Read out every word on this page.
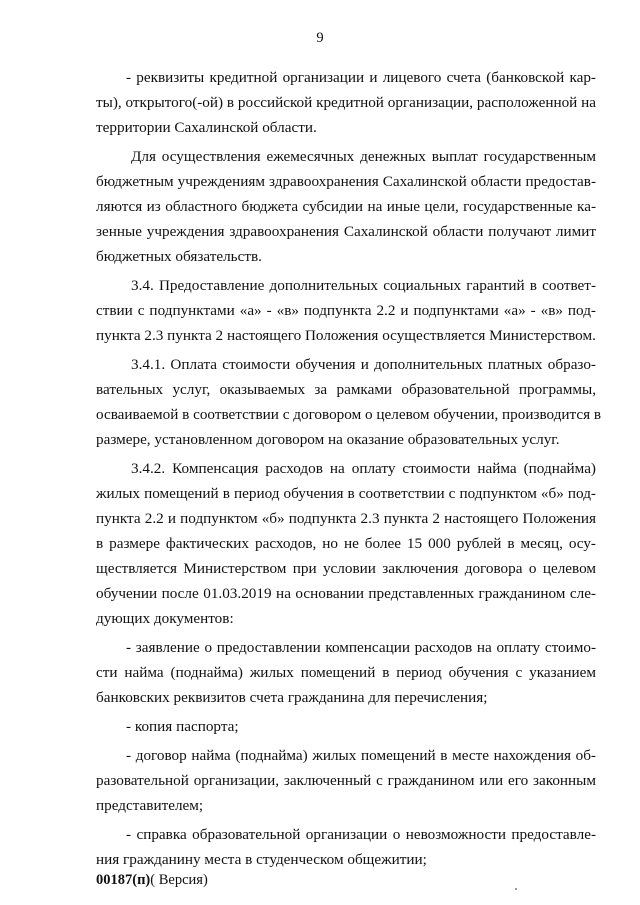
9
- реквизиты кредитной организации и лицевого счета (банковской кар-
ты), открытого(-ой) в российской кредитной организации, расположенной на
территории Сахалинской области.
Для осуществления ежемесячных денежных выплат государственным
бюджетным учреждениям здравоохранения Сахалинской области предостав-
ляются из областного бюджета субсидии на иные цели, государственные ка-
зенные учреждения здравоохранения Сахалинской области получают лимит
бюджетных обязательств.
3.4. Предоставление дополнительных социальных гарантий в соответ-
ствии с подпунктами «а» - «в» подпункта 2.2 и подпунктами «а» - «в» под-
пункта 2.3 пункта 2 настоящего Положения осуществляется Министерством.
3.4.1. Оплата стоимости обучения и дополнительных платных образо-
вательных услуг, оказываемых за рамками образовательной программы,
осваиваемой в соответствии с договором о целевом обучении, производится в
размере, установленном договором на оказание образовательных услуг.
3.4.2. Компенсация расходов на оплату стоимости найма (поднайма)
жилых помещений в период обучения в соответствии с подпунктом «б» под-
пункта 2.2 и подпунктом «б» подпункта 2.3 пункта 2 настоящего Положения
в размере фактических расходов, но не более 15 000 рублей в месяц, осу-
ществляется Министерством при условии заключения договора о целевом
обучении после 01.03.2019 на основании представленных гражданином сле-
дующих документов:
- заявление о предоставлении компенсации расходов на оплату стоимо-
сти найма (поднайма) жилых помещений в период обучения с указанием
банковских реквизитов счета гражданина для перечисления;
- копия паспорта;
- договор найма (поднайма) жилых помещений в месте нахождения об-
разовательной организации, заключенный с гражданином или его законным
представителем;
- справка образовательной организации о невозможности предоставле-
ния гражданину места в студенческом общежитии;
00187(п)( Версия)
